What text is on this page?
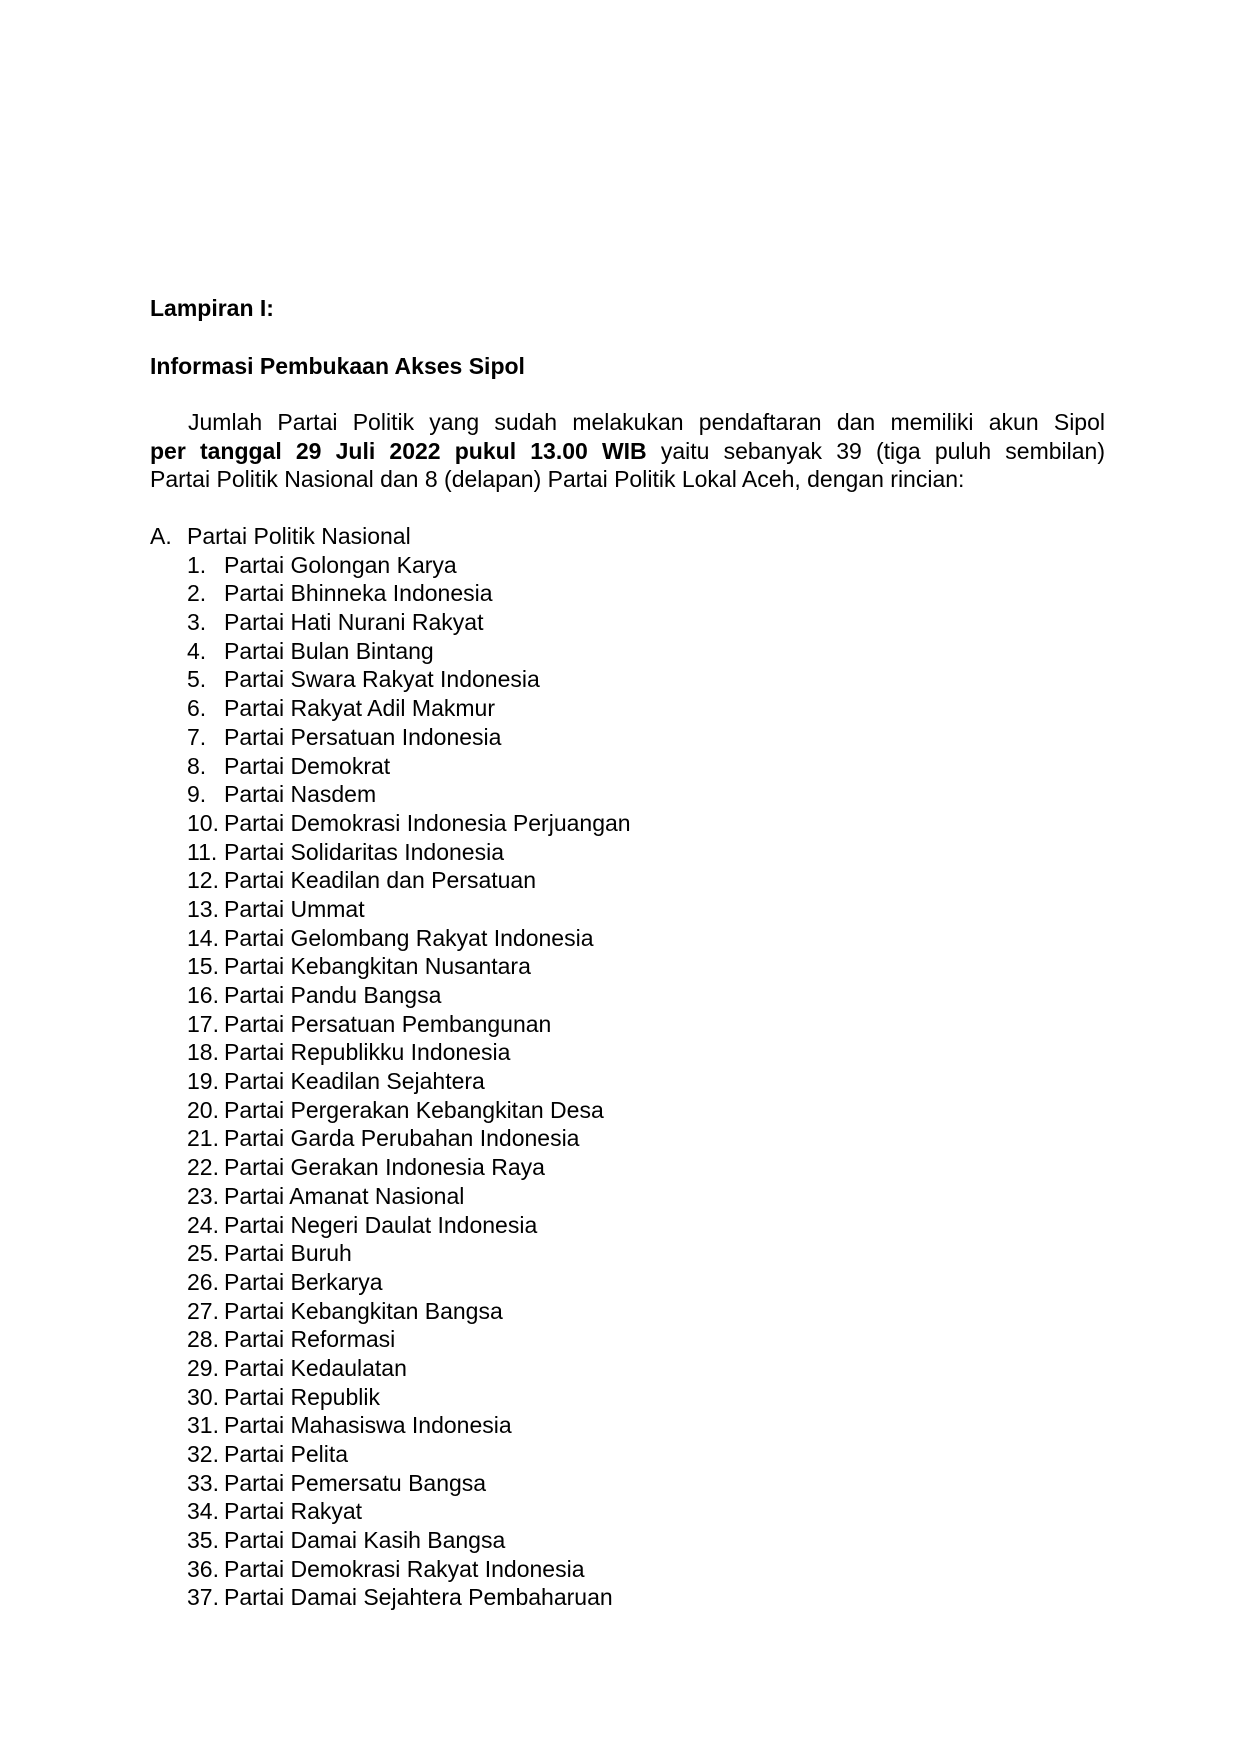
Lampiran I:
Informasi Pembukaan Akses Sipol
Jumlah Partai Politik yang sudah melakukan pendaftaran dan memiliki akun Sipol
per tanggal 29 Juli 2022 pukul 13.00 WIB yaitu sebanyak 39 (tiga puluh sembilan)
Partai Politik Nasional dan 8 (delapan) Partai Politik Lokal Aceh, dengan rincian:
A. Partai Politik Nasional
1. Partai Golongan Karya
2. Partai Bhinneka Indonesia
3. Partai Hati Nurani Rakyat
4. Partai Bulan Bintang
5. Partai Swara Rakyat Indonesia
6. Partai Rakyat Adil Makmur
7. Partai Persatuan Indonesia
8. Partai Demokrat
9. Partai Nasdem
10. Partai Demokrasi Indonesia Perjuangan
11. Partai Solidaritas Indonesia
12. Partai Keadilan dan Persatuan
13. Partai Ummat
14. Partai Gelombang Rakyat Indonesia
15. Partai Kebangkitan Nusantara
16. Partai Pandu Bangsa
17. Partai Persatuan Pembangunan
18. Partai Republikku Indonesia
19. Partai Keadilan Sejahtera
20. Partai Pergerakan Kebangkitan Desa
21. Partai Garda Perubahan Indonesia
22. Partai Gerakan Indonesia Raya
23. Partai Amanat Nasional
24. Partai Negeri Daulat Indonesia
25. Partai Buruh
26. Partai Berkarya
27. Partai Kebangkitan Bangsa
28. Partai Reformasi
29. Partai Kedaulatan
30. Partai Republik
31. Partai Mahasiswa Indonesia
32. Partai Pelita
33. Partai Pemersatu Bangsa
34. Partai Rakyat
35. Partai Damai Kasih Bangsa
36. Partai Demokrasi Rakyat Indonesia
37. Partai Damai Sejahtera Pembaharuan
